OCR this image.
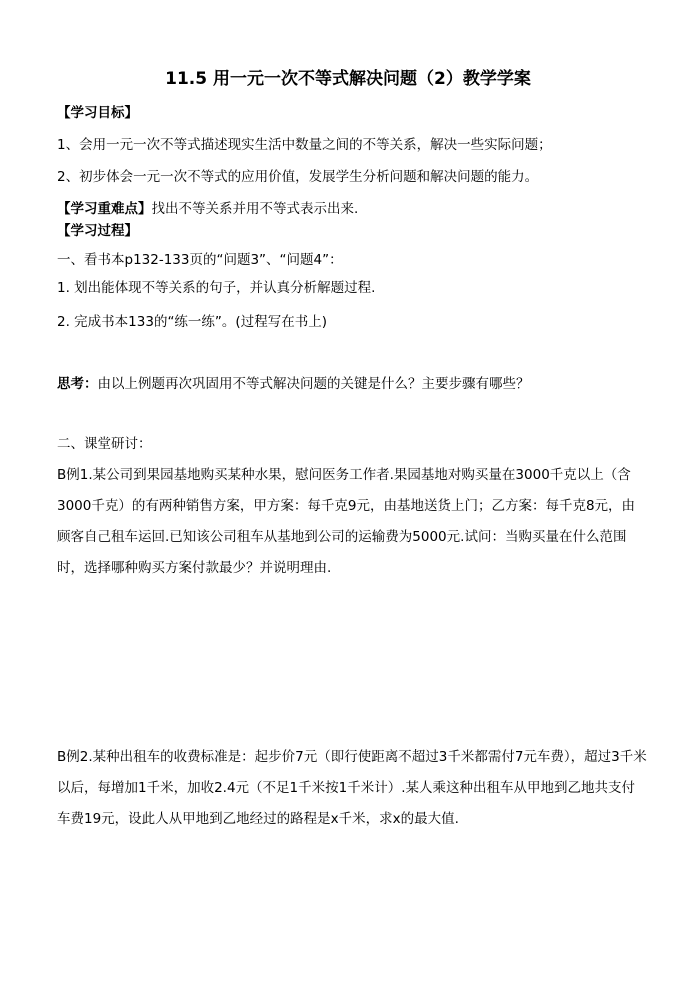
11.5 用一元一次不等式解决问题（2）教学学案
【学习目标】
1、会用一元一次不等式描述现实生活中数量之间的不等关系，解决一些实际问题；
2、初步体会一元一次不等式的应用价值，发展学生分析问题和解决问题的能力。
【学习重难点】找出不等关系并用不等式表示出来.
【学习过程】
一、看书本p132-133页的“问题3”、“问题4”：
1. 划出能体现不等关系的句子，并认真分析解题过程.
2. 完成书本133的“练一练”。(过程写在书上)
思考：由以上例题再次巩固用不等式解决问题的关键是什么？主要步骤有哪些？
二、课堂研讨：
B例1.某公司到果园基地购买某种水果，慰问医务工作者.果园基地对购买量在3000千克以上（含3000千克）的有两种销售方案，甲方案：每千克9元，由基地送货上门；乙方案：每千克8元，由顾客自己租车运回.已知该公司租车从基地到公司的运输费为5000元.试问：当购买量在什么范围时，选择哪种购买方案付款最少？并说明理由.
B例2.某种出租车的收费标准是：起步价7元（即行使距离不超过3千米都需付7元车费），超过3千米以后，每增加1千米，加收2.4元（不足1千米按1千米计）.某人乘这种出租车从甲地到乙地共支付车费19元，设此人从甲地到乙地经过的路程是x千米，求x的最大值.
